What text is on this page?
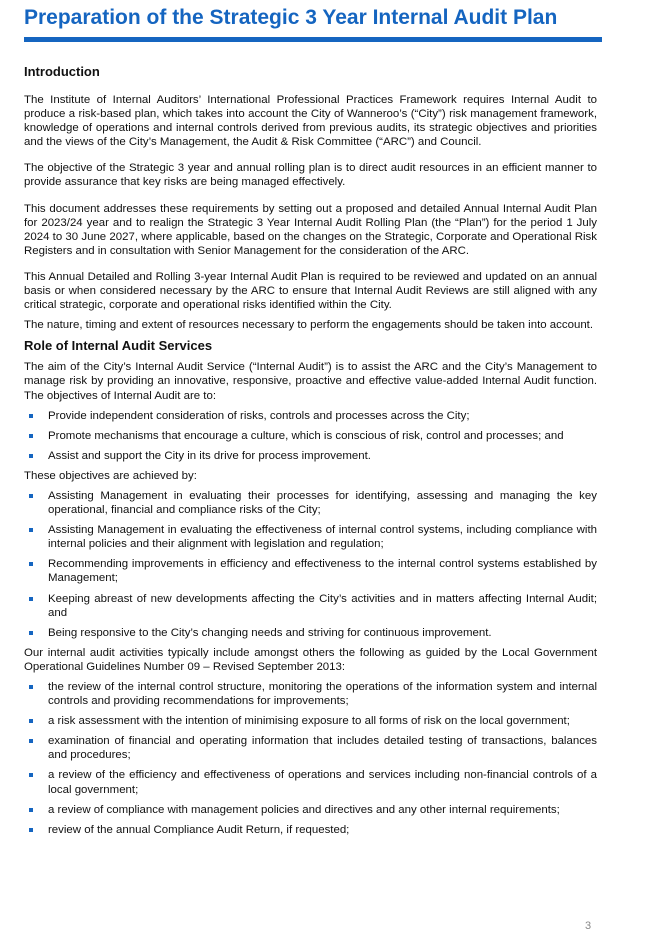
Preparation of the Strategic 3 Year Internal Audit Plan
Introduction

The Institute of Internal Auditors’ International Professional Practices Framework requires Internal Audit to produce a risk-based plan, which takes into account the City of Wanneroo’s (“City”) risk management framework, knowledge of operations and internal controls derived from previous audits, its strategic objectives and priorities and the views of the City’s Management, the Audit & Risk Committee (“ARC”) and Council.

The objective of the Strategic 3 year and annual rolling plan is to direct audit resources in an efficient manner to provide assurance that key risks are being managed effectively.

This document addresses these requirements by setting out a proposed and detailed Annual Internal Audit Plan for 2023/24 year and to realign the Strategic 3 Year Internal Audit Rolling Plan (the “Plan”) for the period 1 July 2024 to 30 June 2027, where applicable, based on the changes on the Strategic, Corporate and Operational Risk Registers and in consultation with Senior Management for the consideration of the ARC.

This Annual Detailed and Rolling 3-year Internal Audit Plan is required to be reviewed and updated on an annual basis or when considered necessary by the ARC to ensure that Internal Audit Reviews are still aligned with any critical strategic, corporate and operational risks identified within the City.

The nature, timing and extent of resources necessary to perform the engagements should be taken into account.

Role of Internal Audit Services

The aim of the City’s Internal Audit Service (“Internal Audit”) is to assist the ARC and the City’s Management to manage risk by providing an innovative, responsive, proactive and effective value-added Internal Audit function. The objectives of Internal Audit are to:

Provide independent consideration of risks, controls and processes across the City;
Promote mechanisms that encourage a culture, which is conscious of risk, control and processes; and
Assist and support the City in its drive for process improvement.

These objectives are achieved by:

Assisting Management in evaluating their processes for identifying, assessing and managing the key operational, financial and compliance risks of the City;
Assisting Management in evaluating the effectiveness of internal control systems, including compliance with internal policies and their alignment with legislation and regulation;
Recommending improvements in efficiency and effectiveness to the internal control systems established by Management;
Keeping abreast of new developments affecting the City’s activities and in matters affecting Internal Audit; and
Being responsive to the City’s changing needs and striving for continuous improvement.

Our internal audit activities typically include amongst others the following as guided by the Local Government Operational Guidelines Number 09 – Revised September 2013:

the review of the internal control structure, monitoring the operations of the information system and internal controls and providing recommendations for improvements;
a risk assessment with the intention of minimising exposure to all forms of risk on the local government;
examination of financial and operating information that includes detailed testing of transactions, balances and procedures;
a review of the efficiency and effectiveness of operations and services including non-financial controls of a local government;
a review of compliance with management policies and directives and any other internal requirements;
review of the annual Compliance Audit Return, if requested;
3
